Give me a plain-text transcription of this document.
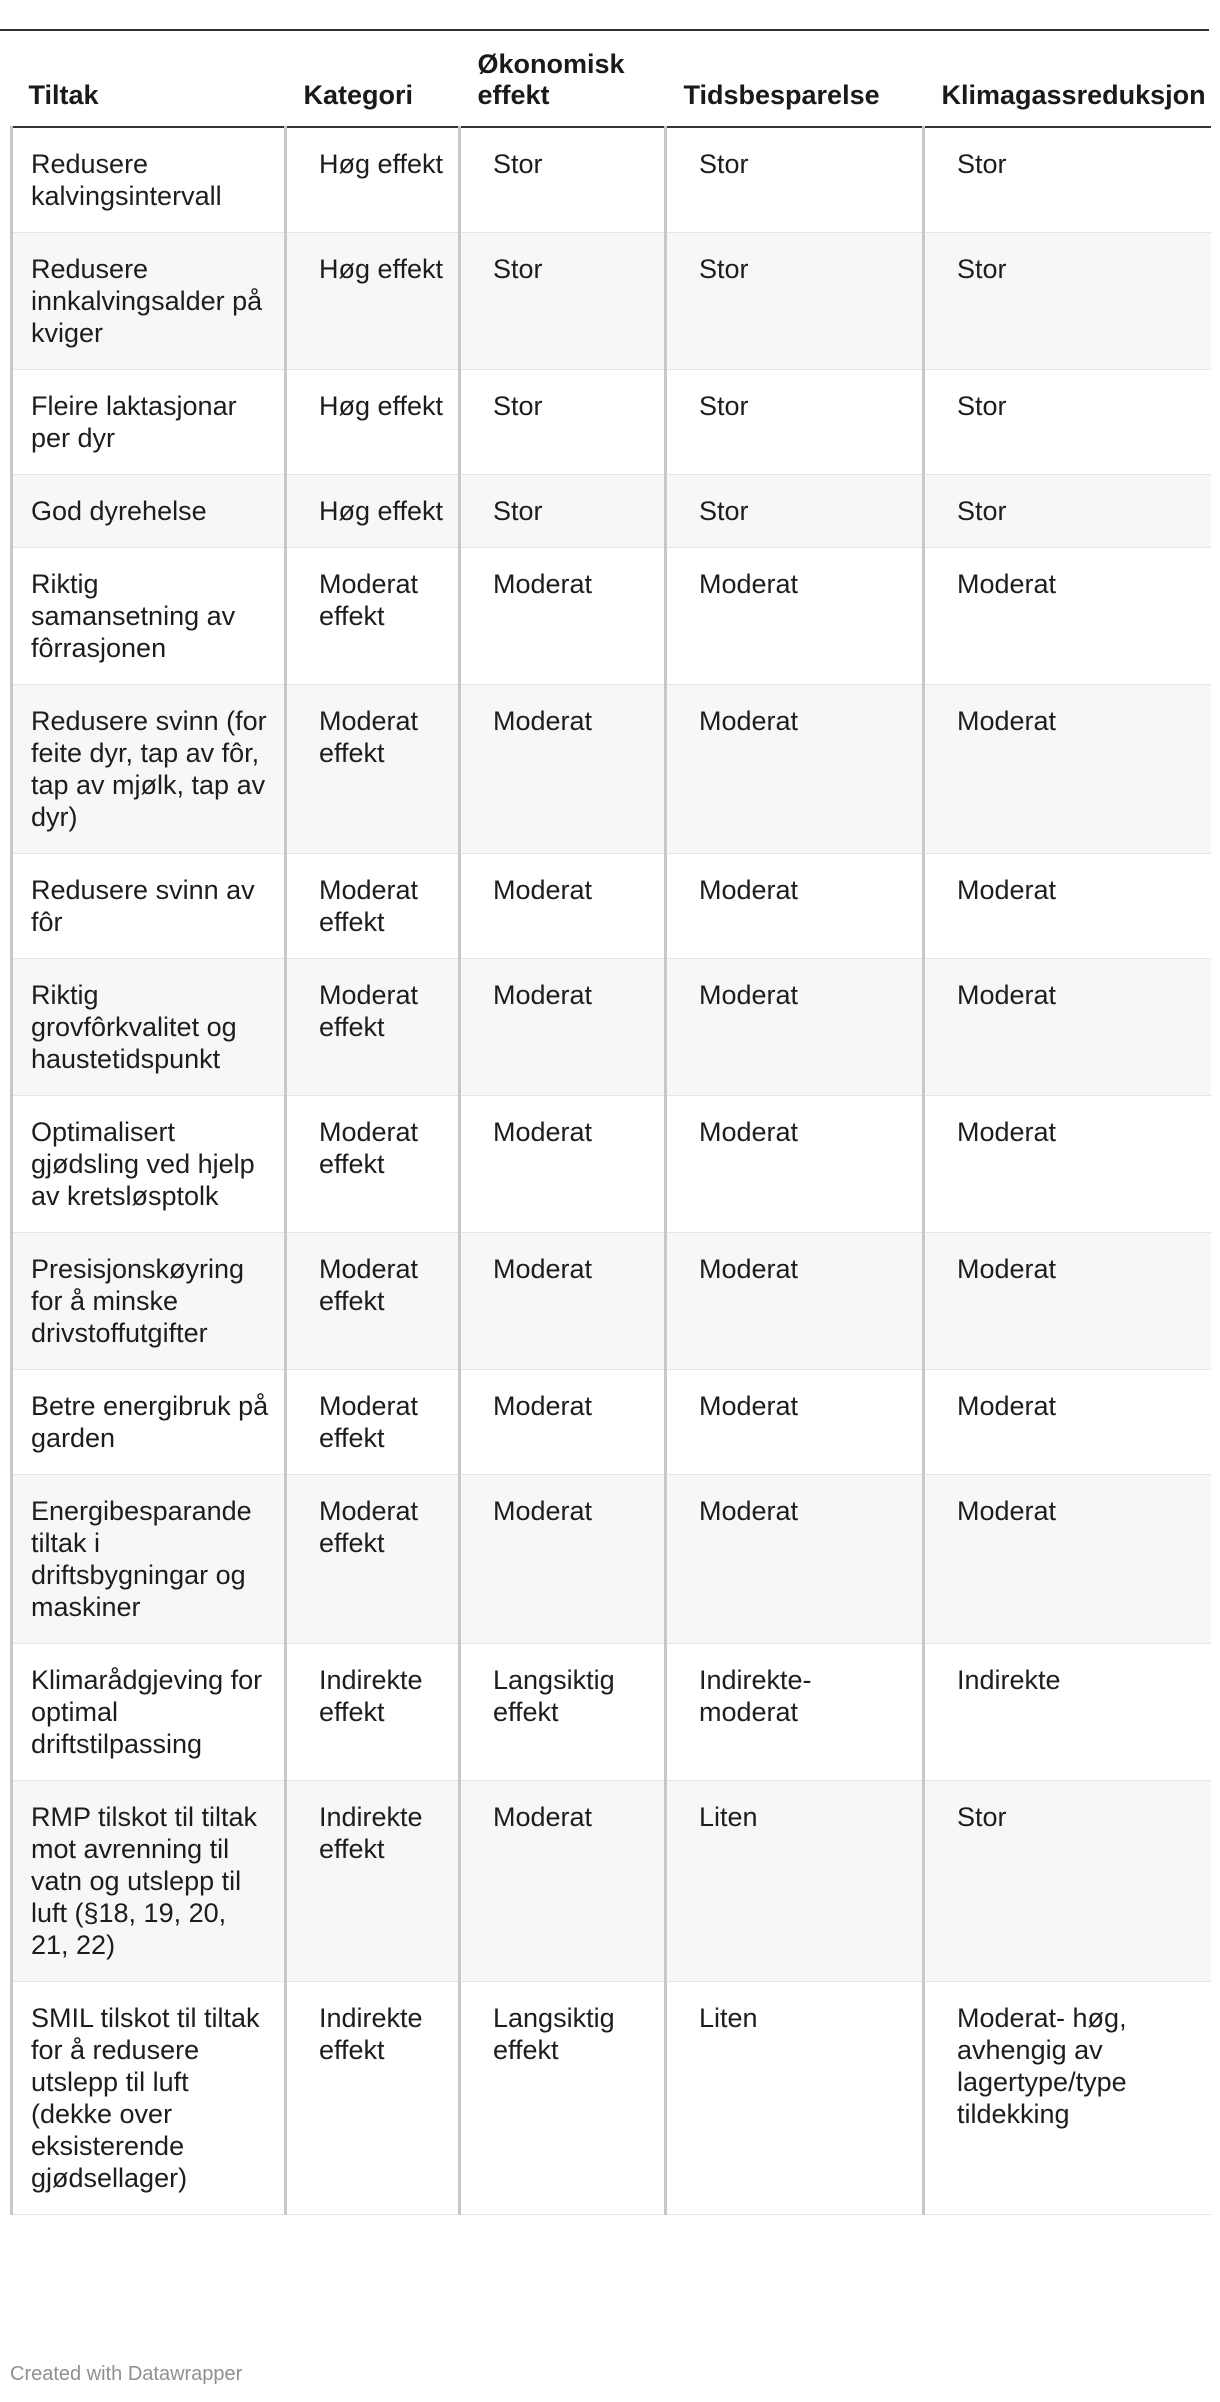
Tiltak	Kategori	Økonomisk effekt	Tidsbesparelse	Klimagassreduksjon
Redusere kalvingsintervall	Høg effekt	Stor	Stor	Stor
Redusere innkalvingsalder på kviger	Høg effekt	Stor	Stor	Stor
Fleire laktasjonar per dyr	Høg effekt	Stor	Stor	Stor
God dyrehelse	Høg effekt	Stor	Stor	Stor
Riktig samansetning av fôrrasjonen	Moderat effekt	Moderat	Moderat	Moderat
Redusere svinn (for feite dyr, tap av fôr, tap av mjølk, tap av dyr)	Moderat effekt	Moderat	Moderat	Moderat
Redusere svinn av fôr	Moderat effekt	Moderat	Moderat	Moderat
Riktig grovfôrkvalitet og haustetidspunkt	Moderat effekt	Moderat	Moderat	Moderat
Optimalisert gjødsling ved hjelp av kretsløsptolk	Moderat effekt	Moderat	Moderat	Moderat
Presisjonskøyring for å minske drivstoffutgifter	Moderat effekt	Moderat	Moderat	Moderat
Betre energibruk på garden	Moderat effekt	Moderat	Moderat	Moderat
Energibesparande tiltak i driftsbygningar og maskiner	Moderat effekt	Moderat	Moderat	Moderat
Klimarådgjeving for optimal driftstilpassing	Indirekte effekt	Langsiktig effekt	Indirekte-moderat	Indirekte
RMP tilskot til tiltak mot avrenning til vatn og utslepp til luft (§18, 19, 20, 21, 22)	Indirekte effekt	Moderat	Liten	Stor
SMIL tilskot til tiltak for å redusere utslepp til luft (dekke over eksisterende gjødsellager)	Indirekte effekt	Langsiktig effekt	Liten	Moderat- høg, avhengig av lagertype/type tildekking
Created with Datawrapper
